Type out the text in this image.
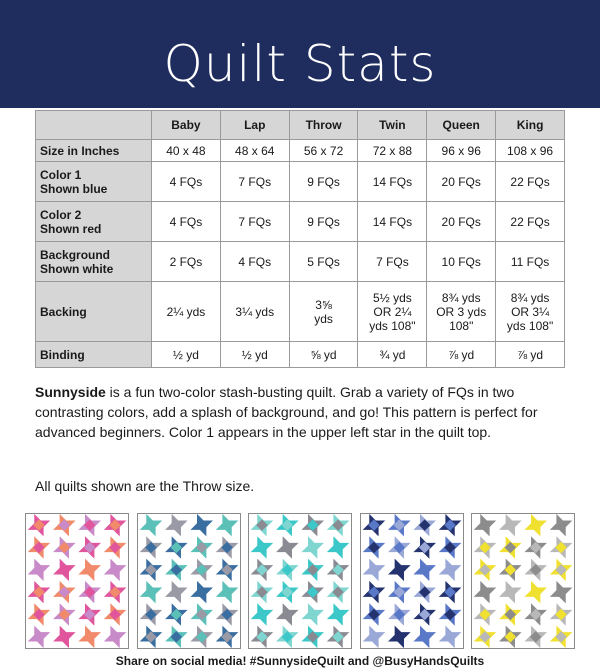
Quilt Stats
	Baby	Lap	Throw	Twin	Queen	King
Size in Inches	40 x 48	48 x 64	56 x 72	72 x 88	96 x 96	108 x 96
Color 1
Shown blue	4 FQs	7 FQs	9 FQs	14 FQs	20 FQs	22 FQs
Color 2
Shown red	4 FQs	7 FQs	9 FQs	14 FQs	20 FQs	22 FQs
Background
Shown white	2 FQs	4 FQs	5 FQs	7 FQs	10 FQs	11 FQs
Backing	2¼ yds	3¼ yds	3⅝
yds	5½ yds
OR 2¼
yds 108"	8¾ yds
OR 3 yds
108"	8¾ yds
OR 3¼
yds 108"
Binding	½ yd	½ yd	⅝ yd	¾ yd	⅞ yd	⅞ yd

Sunnyside is a fun two-color stash-busting quilt. Grab a variety of FQs in two contrasting colors, add a splash of background, and go! This pattern is perfect for advanced beginners. Color 1 appears in the upper left star in the quilt top.

All quilts shown are the Throw size.

Share on social media! #SunnysideQuilt and @BusyHandsQuilts
